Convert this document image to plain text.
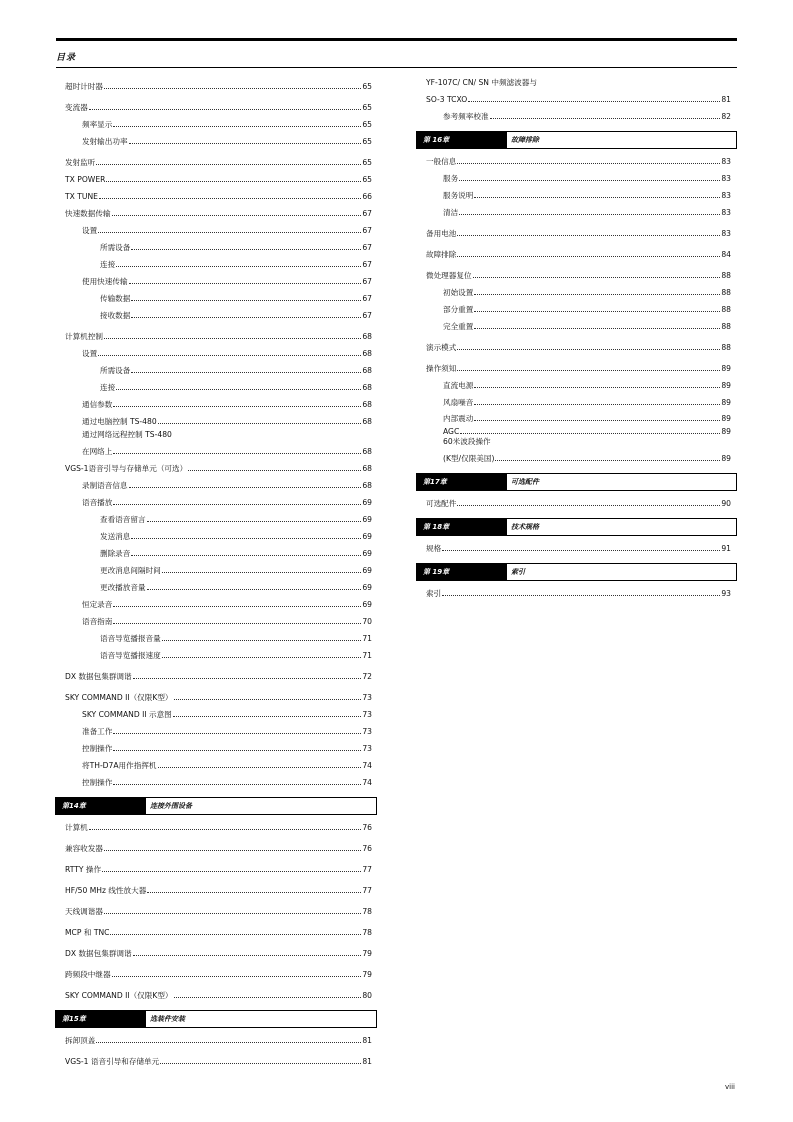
目录
超时计时器	65
变流器	65
频率显示	65
发射输出功率	65
发射监听	65
TX POWER	65
TX TUNE	66
快速数据传输	67
设置	67
所需设备	67
连接	67
使用快速传输	67
传输数据	67
接收数据	67
计算机控制	68
设置	68
所需设备	68
连接	68
通信参数	68
通过电脑控制 TS-480	68
通过网络远程控制 TS-480
在网络上	68
VGS-1语音引导与存储单元（可选）	68
录制语音信息	68
语音播放	69
查看语音留言	69
发送消息	69
删除录音	69
更改消息间隔时间	69
更改播放音量	69
恒定录音	69
语音指南	70
语音导览播报音量	71
语音导览播报速度	71
DX 数据包集群调谐	72
SKY COMMAND II（仅限K型）	73
SKY COMMAND II 示意图	73
准备工作	73
控制操作	73
将TH-D7A用作指挥机	74
控制操作	74
第14章	连接外围设备
计算机	76
兼容收发器	76
RTTY 操作	77
HF/50 MHz 线性放大器	77
天线调谐器	78
MCP 和 TNC	78
DX 数据包集群调谐	79
跨频段中继器	79
SKY COMMAND II（仅限K型）	80
第15章	选装件安装
拆卸顶盖	81
VGS-1 语音引导和存储单元	81
YF-107C/ CN/ SN 中频滤波器与
SO-3 TCXO	81
参考频率校准	82
第 16章	故障排除
一般信息	83
服务	83
服务说明	83
清洁	83
备用电池	83
故障排除	84
微处理器复位	88
初始设置	88
部分重置	88
完全重置	88
演示模式	88
操作须知	89
直流电源	89
风扇噪音	89
内部震动	89
AGC	89
60米波段操作
(K型/仅限美国)	89
第17章	可选配件
可选配件	90
第 18章	技术规格
规格	91
第 19章	索引
索引	93
viii
